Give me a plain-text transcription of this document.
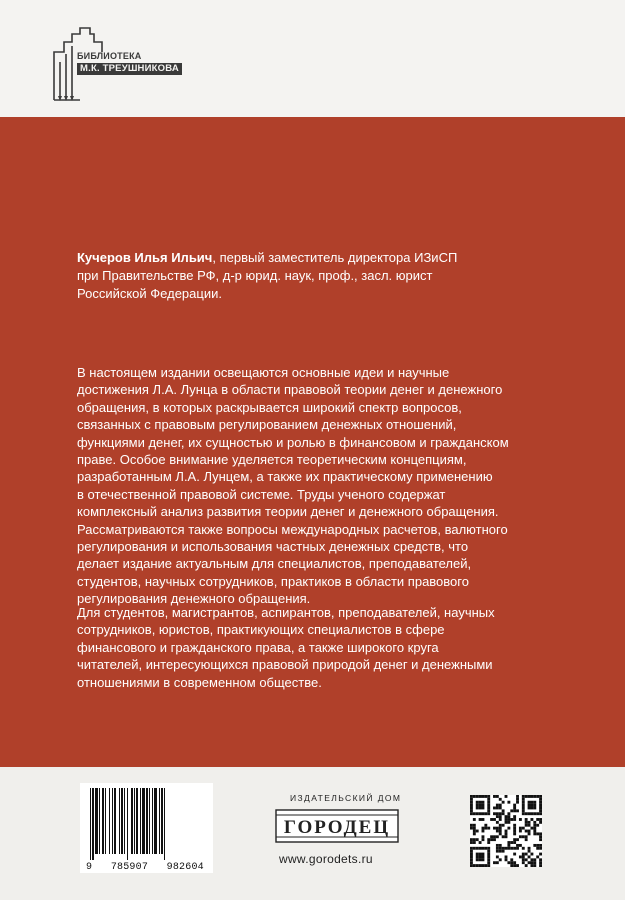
БИБЛИОТЕКА
М.К. ТРЕУШНИКОВА
Кучеров Илья Ильич, первый заместитель директора ИЗиСП
при Правительстве РФ, д-р юрид. наук, проф., засл. юрист
Российской Федерации.
В настоящем издании освещаются основные идеи и научные
достижения Л.А. Лунца в области правовой теории денег и денежного
обращения, в которых раскрывается широкий спектр вопросов,
связанных с правовым регулированием денежных отношений,
функциями денег, их сущностью и ролью в финансовом и гражданском
праве. Особое внимание уделяется теоретическим концепциям,
разработанным Л.А. Лунцем, а также их практическому применению
в отечественной правовой системе. Труды ученого содержат
комплексный анализ развития теории денег и денежного обращения.
Рассматриваются также вопросы международных расчетов, валютного
регулирования и использования частных денежных средств, что
делает издание актуальным для специалистов, преподавателей,
студентов, научных сотрудников, практиков в области правового
регулирования денежного обращения.
Для студентов, магистрантов, аспирантов, преподавателей, научных
сотрудников, юристов, практикующих специалистов в сфере
финансового и гражданского права, а также широкого круга
читателей, интересующихся правовой природой денег и денежными
отношениями в современном обществе.
9 785907 982604
ИЗДАТЕЛЬСКИЙ ДОМ
ГОРОДЕЦ
www.gorodets.ru
